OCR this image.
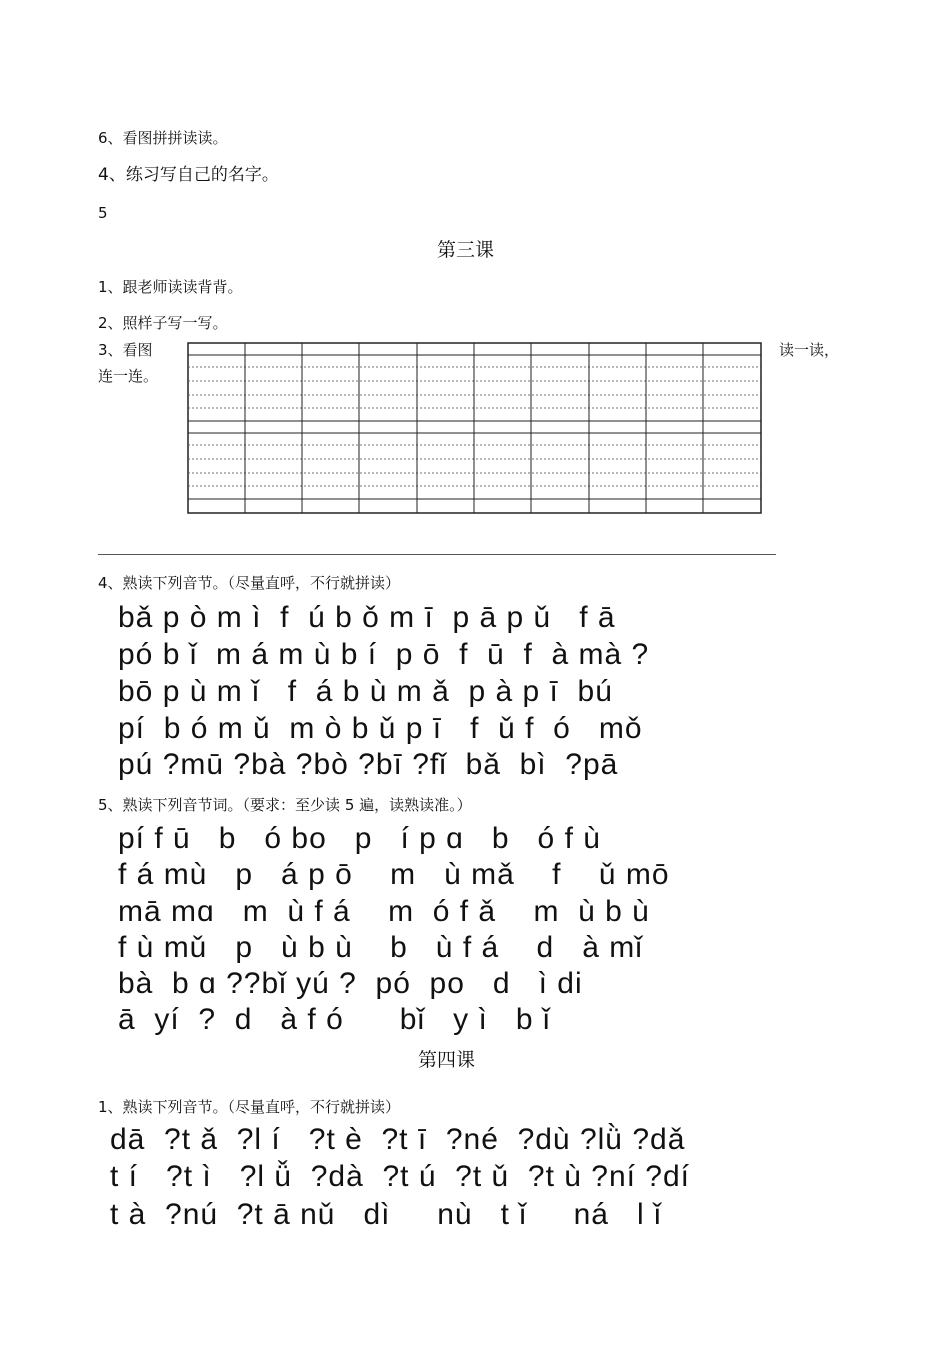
6、看图拼拼读读。
4、练习写自己的名字。
5
第三课
1、跟老师读读背背。
2、照样子写一写。
3、看图	读一读，
连一连。
4、熟读下列音节。（尽量直呼，不行就拼读）
bǎ p ò m ì  f  ú b ǒ m ī  p ā p ǔ   f ā
pó b ǐ  m á m ù b í  p ō  f  ū  f  à mà ?
bō p ù m ǐ   f  á b ù m ǎ  p à p ī  bú
pí  b ó m ǔ  m ò b ǔ p ī   f  ǔ f  ó   mǒ
pú ?mū ?bà ?bò ?bī ?fǐ  bǎ  bì  ?pā
5、熟读下列音节词。（要求：至少读 5 遍，读熟读准。）
pí f ū   b   ó bo   p   í p ɑ   b   ó f ù
f á mù   p   á p ō    m   ù mǎ    f    ǔ mō
mā mɑ   m  ù f á    m  ó f ǎ    m  ù b ù
f ù mǔ   p   ù b ù    b   ù f á    d   à mǐ
bà  b ɑ ??bǐ yú ?  pó  po   d   ì di
ā  yí  ?  d   à f ó      bǐ   y ì   b ǐ
第四课
1、熟读下列音节。（尽量直呼，不行就拼读）
dā  ?t ǎ  ?l í   ?t è  ?t ī  ?né  ?dù ?lǜ ?dǎ
t í   ?t ì   ?l ǚ  ?dà  ?t ú  ?t ǔ  ?t ù ?ní ?dí
t à  ?nú  ?t ā nǔ   dì     nù   t ǐ     ná   l ǐ
